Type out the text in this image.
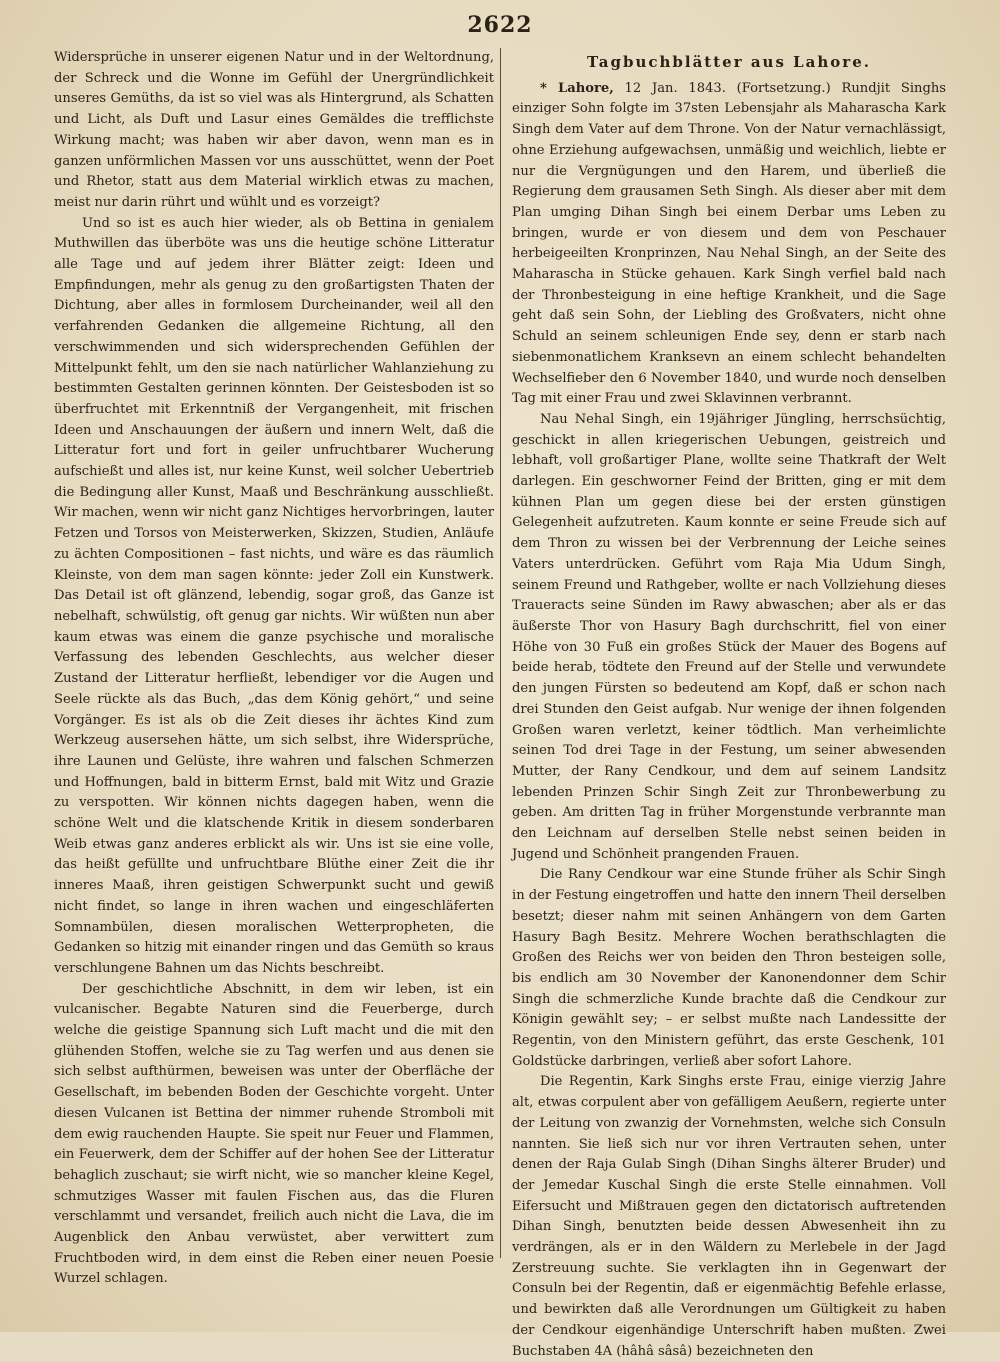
2622

Widersprüche in unserer eigenen Natur und in der Weltordnung, der Schreck und die Wonne im Gefühl der Unergründlichkeit unseres Gemüths, da ist so viel was als Hintergrund, als Schatten und Licht, als Duft und Lasur eines Gemäldes die trefflichste Wirkung macht; was haben wir aber davon, wenn man es in ganzen unförmlichen Massen vor uns ausschüttet, wenn der Poet und Rhetor, statt aus dem Material wirklich etwas zu machen, meist nur darin rührt und wühlt und es vorzeigt?

Und so ist es auch hier wieder, als ob Bettina in genialem Muthwillen das überböte was uns die heutige schöne Litteratur alle Tage und auf jedem ihrer Blätter zeigt: Ideen und Empfindungen, mehr als genug zu den großartigsten Thaten der Dichtung, aber alles in formlosem Durcheinander, weil all den verfahrenden Gedanken die allgemeine Richtung, all den verschwimmenden und sich widersprechenden Gefühlen der Mittelpunkt fehlt, um den sie nach natürlicher Wahlanziehung zu bestimmten Gestalten gerinnen könnten. Der Geistesboden ist so überfruchtet mit Erkenntniß der Vergangenheit, mit frischen Ideen und Anschauungen der äußern und innern Welt, daß die Litteratur fort und fort in geiler unfruchtbarer Wucherung aufschießt und alles ist, nur keine Kunst, weil solcher Uebertrieb die Bedingung aller Kunst, Maaß und Beschränkung ausschließt. Wir machen, wenn wir nicht ganz Nichtiges hervorbringen, lauter Fetzen und Torsos von Meisterwerken, Skizzen, Studien, Anläufe zu ächten Compositionen – fast nichts, und wäre es das räumlich Kleinste, von dem man sagen könnte: jeder Zoll ein Kunstwerk. Das Detail ist oft glänzend, lebendig, sogar groß, das Ganze ist nebelhaft, schwülstig, oft genug gar nichts. Wir wüßten nun aber kaum etwas was einem die ganze psychische und moralische Verfassung des lebenden Geschlechts, aus welcher dieser Zustand der Litteratur herfließt, lebendiger vor die Augen und Seele rückte als das Buch, „das dem König gehört,“ und seine Vorgänger. Es ist als ob die Zeit dieses ihr ächtes Kind zum Werkzeug ausersehen hätte, um sich selbst, ihre Widersprüche, ihre Launen und Gelüste, ihre wahren und falschen Schmerzen und Hoffnungen, bald in bitterm Ernst, bald mit Witz und Grazie zu verspotten. Wir können nichts dagegen haben, wenn die schöne Welt und die klatschende Kritik in diesem sonderbaren Weib etwas ganz anderes erblickt als wir. Uns ist sie eine volle, das heißt gefüllte und unfruchtbare Blüthe einer Zeit die ihr inneres Maaß, ihren geistigen Schwerpunkt sucht und gewiß nicht findet, so lange in ihren wachen und eingeschläferten Somnambülen, diesen moralischen Wetterpropheten, die Gedanken so hitzig mit einander ringen und das Gemüth so kraus verschlungene Bahnen um das Nichts beschreibt.

Der geschichtliche Abschnitt, in dem wir leben, ist ein vulcanischer. Begabte Naturen sind die Feuerberge, durch welche die geistige Spannung sich Luft macht und die mit den glühenden Stoffen, welche sie zu Tag werfen und aus denen sie sich selbst aufthürmen, beweisen was unter der Oberfläche der Gesellschaft, im bebenden Boden der Geschichte vorgeht. Unter diesen Vulcanen ist Bettina der nimmer ruhende Stromboli mit dem ewig rauchenden Haupte. Sie speit nur Feuer und Flammen, ein Feuerwerk, dem der Schiffer auf der hohen See der Litteratur behaglich zuschaut; sie wirft nicht, wie so mancher kleine Kegel, schmutziges Wasser mit faulen Fischen aus, das die Fluren verschlammt und versandet, freilich auch nicht die Lava, die im Augenblick den Anbau verwüstet, aber verwittert zum Fruchtboden wird, in dem einst die Reben einer neuen Poesie Wurzel schlagen.

Tagbuchblätter aus Lahore.

* Lahore, 12 Jan. 1843. (Fortsetzung.) Rundjit Singhs einziger Sohn folgte im 37sten Lebensjahr als Maharascha Kark Singh dem Vater auf dem Throne. Von der Natur vernachlässigt, ohne Erziehung aufgewachsen, unmäßig und weichlich, liebte er nur die Vergnügungen und den Harem, und überließ die Regierung dem grausamen Seth Singh. Als dieser aber mit dem Plan umging Dihan Singh bei einem Derbar ums Leben zu bringen, wurde er von diesem und dem von Peschauer herbeigeeilten Kronprinzen, Nau Nehal Singh, an der Seite des Maharascha in Stücke gehauen. Kark Singh verfiel bald nach der Thronbesteigung in eine heftige Krankheit, und die Sage geht daß sein Sohn, der Liebling des Großvaters, nicht ohne Schuld an seinem schleunigen Ende sey, denn er starb nach siebenmonatlichem Kranksevn an einem schlecht behandelten Wechselfieber den 6 November 1840, und wurde noch denselben Tag mit einer Frau und zwei Sklavinnen verbrannt.

Nau Nehal Singh, ein 19jähriger Jüngling, herrschsüchtig, geschickt in allen kriegerischen Uebungen, geistreich und lebhaft, voll großartiger Plane, wollte seine Thatkraft der Welt darlegen. Ein geschworner Feind der Britten, ging er mit dem kühnen Plan um gegen diese bei der ersten günstigen Gelegenheit aufzutreten. Kaum konnte er seine Freude sich auf dem Thron zu wissen bei der Verbrennung der Leiche seines Vaters unterdrücken. Geführt vom Raja Mia Udum Singh, seinem Freund und Rathgeber, wollte er nach Vollziehung dieses Traueracts seine Sünden im Rawy abwaschen; aber als er das äußerste Thor von Hasury Bagh durchschritt, fiel von einer Höhe von 30 Fuß ein großes Stück der Mauer des Bogens auf beide herab, tödtete den Freund auf der Stelle und verwundete den jungen Fürsten so bedeutend am Kopf, daß er schon nach drei Stunden den Geist aufgab. Nur wenige der ihnen folgenden Großen waren verletzt, keiner tödtlich. Man verheimlichte seinen Tod drei Tage in der Festung, um seiner abwesenden Mutter, der Rany Cendkour, und dem auf seinem Landsitz lebenden Prinzen Schir Singh Zeit zur Thronbewerbung zu geben. Am dritten Tag in früher Morgenstunde verbrannte man den Leichnam auf derselben Stelle nebst seinen beiden in Jugend und Schönheit prangenden Frauen.

Die Rany Cendkour war eine Stunde früher als Schir Singh in der Festung eingetroffen und hatte den innern Theil derselben besetzt; dieser nahm mit seinen Anhängern von dem Garten Hasury Bagh Besitz. Mehrere Wochen berathschlagten die Großen des Reichs wer von beiden den Thron besteigen solle, bis endlich am 30 November der Kanonendonner dem Schir Singh die schmerzliche Kunde brachte daß die Cendkour zur Königin gewählt sey; – er selbst mußte nach Landessitte der Regentin, von den Ministern geführt, das erste Geschenk, 101 Goldstücke darbringen, verließ aber sofort Lahore.

Die Regentin, Kark Singhs erste Frau, einige vierzig Jahre alt, etwas corpulent aber von gefälligem Aeußern, regierte unter der Leitung von zwanzig der Vornehmsten, welche sich Consuln nannten. Sie ließ sich nur vor ihren Vertrauten sehen, unter denen der Raja Gulab Singh (Dihan Singhs älterer Bruder) und der Jemedar Kuschal Singh die erste Stelle einnahmen. Voll Eifersucht und Mißtrauen gegen den dictatorisch auftretenden Dihan Singh, benutzten beide dessen Abwesenheit ihn zu verdrängen, als er in den Wäldern zu Merlebele in der Jagd Zerstreuung suchte. Sie verklagten ihn in Gegenwart der Consuln bei der Regentin, daß er eigenmächtig Befehle erlasse, und bewirkten daß alle Verordnungen um Gültigkeit zu haben der Cendkour eigenhändige Unterschrift haben mußten. Zwei Buchstaben 4A (hâhâ sâsâ) bezeichneten den
